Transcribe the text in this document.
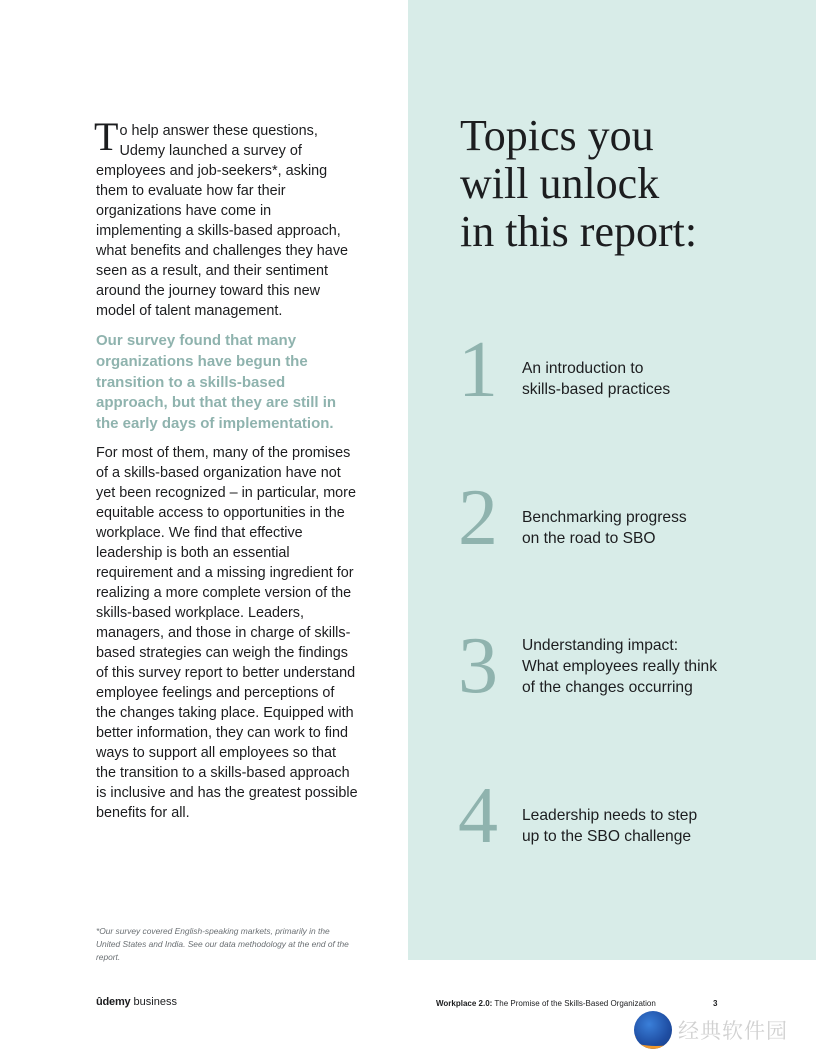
To help answer these questions, Udemy launched a survey of employees and job-seekers*, asking them to evaluate how far their organizations have come in implementing a skills-based approach, what benefits and challenges they have seen as a result, and their sentiment around the journey toward this new model of talent management.

Our survey found that many organizations have begun the transition to a skills-based approach, but that they are still in the early days of implementation.

For most of them, many of the promises of a skills-based organization have not yet been recognized – in particular, more equitable access to opportunities in the workplace. We find that effective leadership is both an essential requirement and a missing ingredient for realizing a more complete version of the skills-based workplace. Leaders, managers, and those in charge of skills-based strategies can weigh the findings of this survey report to better understand employee feelings and perceptions of the changes taking place. Equipped with better information, they can work to find ways to support all employees so that the transition to a skills-based approach is inclusive and has the greatest possible benefits for all.

*Our survey covered English-speaking markets, primarily in the United States and India. See our data methodology at the end of the report.

Topics you
will unlock
in this report:
1 An introduction to
skills-based practices
2 Benchmarking progress
on the road to SBO
3 Understanding impact:
What employees really think
of the changes occurring
4 Leadership needs to step
up to the SBO challenge
ûdemy business	Workplace 2.0: The Promise of the Skills-Based Organization	3
经典软件园
